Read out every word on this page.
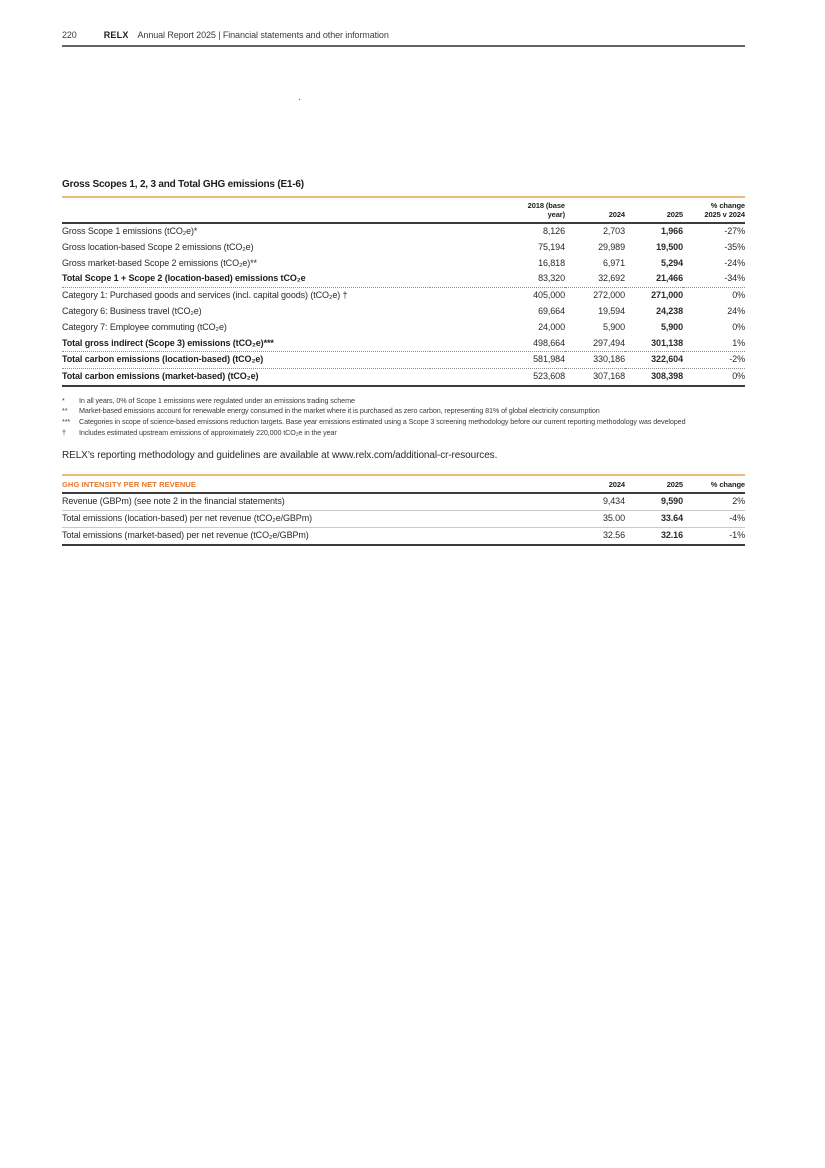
220	RELX Annual Report 2025 | Financial statements and other information
.
Gross Scopes 1, 2, 3 and Total GHG emissions (E1-6)

	2018 (base
year)	2024	2025	% change
2025 v 2024

Gross Scope 1 emissions (tCO₂e)*	8,126	2,703	1,966	-27%
Gross location-based Scope 2 emissions (tCO₂e)	75,194	29,989	19,500	-35%
Gross market-based Scope 2 emissions (tCO₂e)**	16,818	6,971	5,294	-24%
Total Scope 1 + Scope 2 (location-based) emissions tCO₂e	83,320	32,692	21,466	-34%
Category 1: Purchased goods and services (incl. capital goods) (tCO₂e) †	405,000	272,000	271,000	0%
Category 6: Business travel (tCO₂e)	69,664	19,594	24,238	24%
Category 7: Employee commuting (tCO₂e)	24,000	5,900	5,900	0%
Total gross indirect (Scope 3) emissions (tCO₂e)***	498,664	297,494	301,138	1%
Total carbon emissions (location-based) (tCO₂e)	581,984	330,186	322,604	-2%
Total carbon emissions (market-based) (tCO₂e)	523,608	307,168	308,398	0%
*	In all years, 0% of Scope 1 emissions were regulated under an emissions trading scheme
**	Market-based emissions account for renewable energy consumed in the market where it is purchased as zero carbon, representing 81% of global electricity consumption
***	Categories in scope of science-based emissions reduction targets. Base year emissions estimated using a Scope 3 screening methodology before our current reporting methodology was developed
†	Includes estimated upstream emissions of approximately 220,000 tCO₂e in the year
RELX’s reporting methodology and guidelines are available at www.relx.com/additional-cr-resources.
GHG INTENSITY PER NET REVENUE	2024	2025	% change
Revenue (GBPm) (see note 2 in the financial statements)	9,434	9,590	2%
Total emissions (location-based) per net revenue (tCO₂e/GBPm)	35.00	33.64	-4%
Total emissions (market-based) per net revenue (tCO₂e/GBPm)	32.56	32.16	-1%
